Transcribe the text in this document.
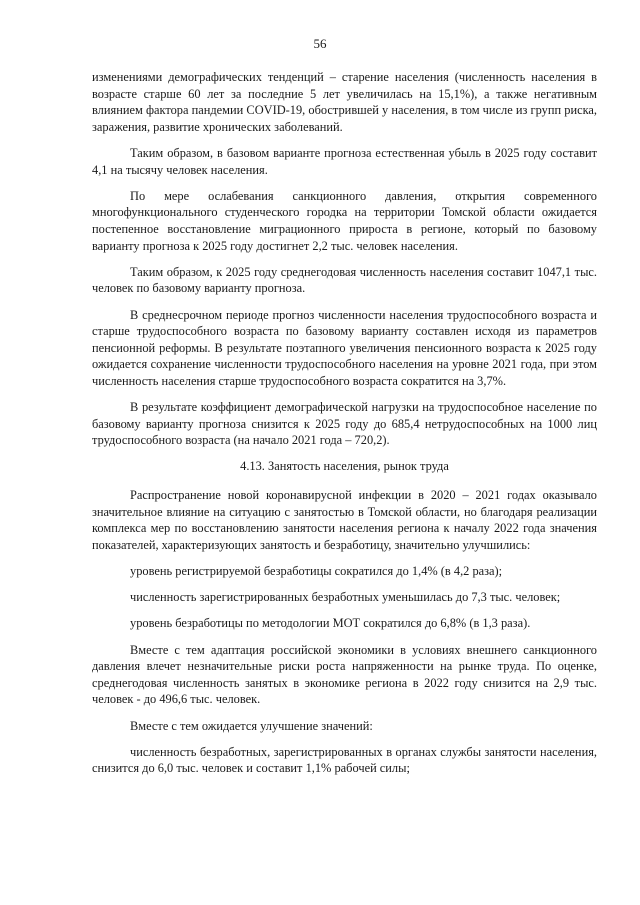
56

изменениями демографических тенденций – старение населения (численность населения в возрасте старше 60 лет за последние 5 лет увеличилась на 15,1%), а также негативным влиянием фактора пандемии COVID-19, обострившей у населения, в том числе из групп риска, заражения, развитие хронических заболеваний.

Таким образом, в базовом варианте прогноза естественная убыль в 2025 году составит 4,1 на тысячу человек населения.

По мере ослабевания санкционного давления, открытия современного многофункционального студенческого городка на территории Томской области ожидается постепенное восстановление миграционного прироста в регионе, который по базовому варианту прогноза к 2025 году достигнет 2,2 тыс. человек населения.

Таким образом, к 2025 году среднегодовая численность населения составит 1047,1 тыс. человек по базовому варианту прогноза.

В среднесрочном периоде прогноз численности населения трудоспособного возраста и старше трудоспособного возраста по базовому варианту составлен исходя из параметров пенсионной реформы. В результате поэтапного увеличения пенсионного возраста к 2025 году ожидается сохранение численности трудоспособного населения на уровне 2021 года, при этом численность населения старше трудоспособного возраста сократится на 3,7%.

В результате коэффициент демографической нагрузки на трудоспособное население по базовому варианту прогноза снизится к 2025 году до 685,4 нетрудоспособных на 1000 лиц трудоспособного возраста (на начало 2021 года – 720,2).

4.13. Занятость населения, рынок труда

Распространение новой коронавирусной инфекции в 2020 – 2021 годах оказывало значительное влияние на ситуацию с занятостью в Томской области, но благодаря реализации комплекса мер по восстановлению занятости населения региона к началу 2022 года значения показателей, характеризующих занятость и безработицу, значительно улучшились:

уровень регистрируемой безработицы сократился до 1,4% (в 4,2 раза);

численность зарегистрированных безработных уменьшилась до 7,3 тыс. человек;

уровень безработицы по методологии МОТ сократился до 6,8% (в 1,3 раза).

Вместе с тем адаптация российской экономики в условиях внешнего санкционного давления влечет незначительные риски роста напряженности на рынке труда. По оценке, среднегодовая численность занятых в экономике региона в 2022 году снизится на 2,9 тыс. человек - до 496,6 тыс. человек.

Вместе с тем ожидается улучшение значений:

численность безработных, зарегистрированных в органах службы занятости населения, снизится до 6,0 тыс. человек и составит 1,1% рабочей силы;
